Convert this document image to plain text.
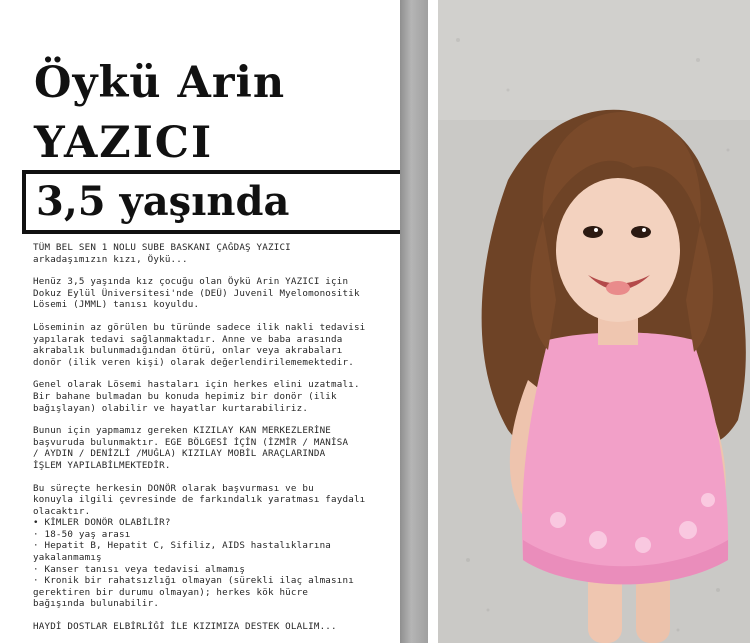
Öykü Arin
YAZICI
3,5 yaşında

TÜM BEL SEN 1 NOLU SUBE BASKANI ÇAĞDAŞ YAZICI

arkadaşımızın kızı, Öykü...

Henüz 3,5 yaşında kız çocuğu olan Öykü Arin YAZICI için

Dokuz Eylül Üniversitesi'nde (DEÜ) Juvenil Myelomonositik

Lösemi (JMML) tanısı koyuldu.

Löseminin az görülen bu türünde sadece ilik nakli tedavisi

yapılarak tedavi sağlanmaktadır. Anne ve baba arasında

akrabalık bulunmadığından ötürü, onlar veya akrabaları

donör (ilik veren kişi) olarak değerlendirilememektedir.

Genel olarak Lösemi hastaları için herkes elini uzatmalı.

Bir bahane bulmadan bu konuda hepimiz bir donör (ilik

bağışlayan) olabilir ve hayatlar kurtarabiliriz.

Bunun için yapmamız gereken KIZILAY KAN MERKEZLERİNE

başvuruda bulunmaktır. EGE BÖLGESİ İÇİN (İZMİR / MANİSA

/ AYDIN / DENİZLİ /MUĞLA) KIZILAY MOBİL ARAÇLARINDA

İŞLEM YAPILABİLMEKTEDİR.

Bu süreçte herkesin DONÖR olarak başvurması ve bu

konuyla ilgili çevresinde de farkındalık yaratması faydalı

olacaktır.

• KİMLER DONÖR OLABİLİR?

· 18-50 yaş arası

· Hepatit B, Hepatit C, Sifiliz, AIDS hastalıklarına

yakalanmamış

· Kanser tanısı veya tedavisi almamış

· Kronik bir rahatsızlığı olmayan (sürekli ilaç almasını

gerektiren bir durumu olmayan); herkes kök hücre

bağışında bulunabilir.

HAYDİ DOSTLAR ELBİRLİĞİ İLE KIZIMIZA DESTEK OLALIM...
